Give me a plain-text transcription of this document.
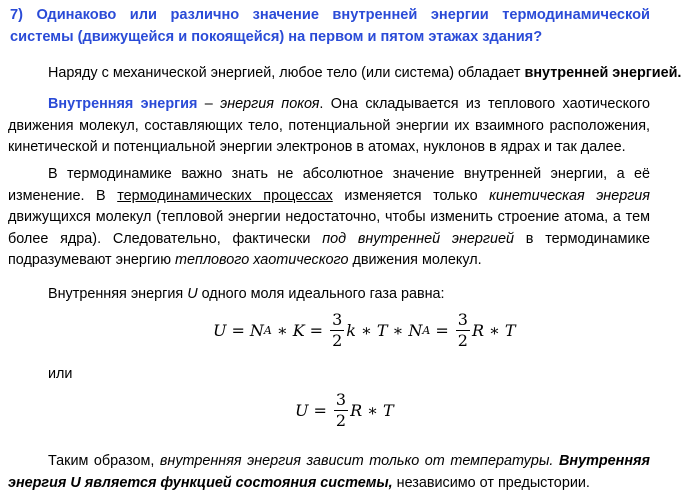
7) Одинаково или различно значение внутренней энергии термодинамической системы (движущейся и покоящейся) на первом и пятом этажах здания?

Наряду с механической энергией, любое тело (или система) обладает внутренней энергией.

Внутренняя энергия – энергия покоя. Она складывается из теплового хаотического движения молекул, составляющих тело, потенциальной энергии их взаимного расположения, кинетической и потенциальной энергии электронов в атомах, нуклонов в ядрах и так далее.

В термодинамике важно знать не абсолютное значение внутренней энергии, а её изменение. В термодинамических процессах изменяется только кинетическая энергия движущихся молекул (тепловой энергии недостаточно, чтобы изменить строение атома, а тем более ядра). Следовательно, фактически под внутренней энергией в термодинамике подразумевают энергию теплового хаотического движения молекул.

Внутренняя энергия U одного моля идеального газа равна:

U = N A ∗ $K = \frac{3}{2}$ k ∗ T ∗ N $A = \frac{3}{2}$ R ∗ T

или

$U = \frac{3}{2}$ R ∗ T

Таким образом, внутренняя энергия зависит только от температуры. Внутренняя энергия U является функцией состояния системы, независимо от предыстории.
